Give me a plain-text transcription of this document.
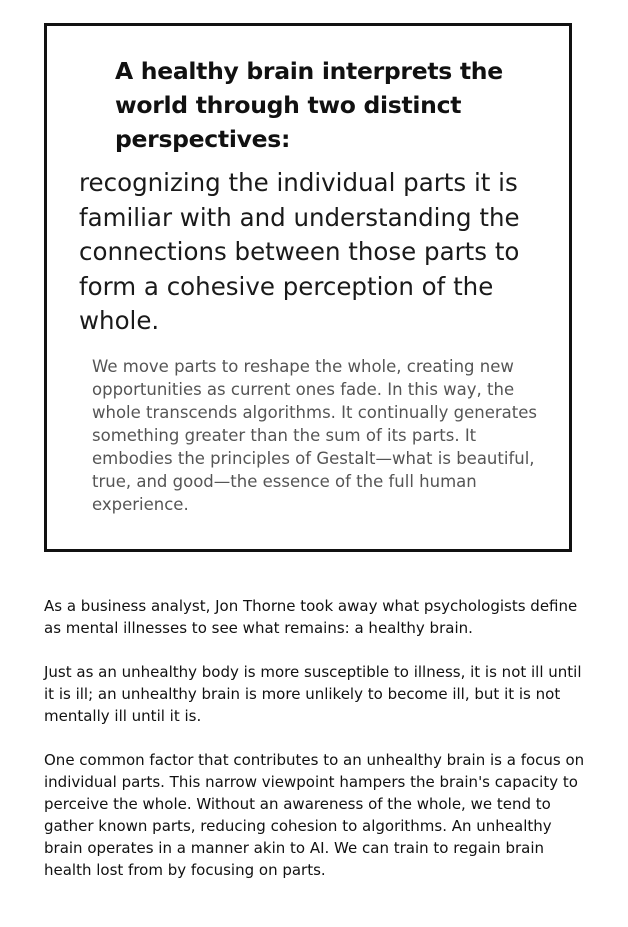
A healthy brain interprets the world through two distinct perspectives:

recognizing the individual parts it is familiar with and understanding the connections between those parts to form a cohesive perception of the whole.

We move parts to reshape the whole, creating new opportunities as current ones fade. In this way, the whole transcends algorithms. It continually generates something greater than the sum of its parts. It embodies the principles of Gestalt—what is beautiful, true, and good—the essence of the full human experience.

As a business analyst, Jon Thorne took away what psychologists define as mental illnesses to see what remains: a healthy brain.

Just as an unhealthy body is more susceptible to illness, it is not ill until it is ill; an unhealthy brain is more unlikely to become ill, but it is not mentally ill until it is.

One common factor that contributes to an unhealthy brain is a focus on individual parts. This narrow viewpoint hampers the brain's capacity to perceive the whole. Without an awareness of the whole, we tend to gather known parts, reducing cohesion to algorithms. An unhealthy brain operates in a manner akin to AI. We can train to regain brain health lost from by focusing on parts.
